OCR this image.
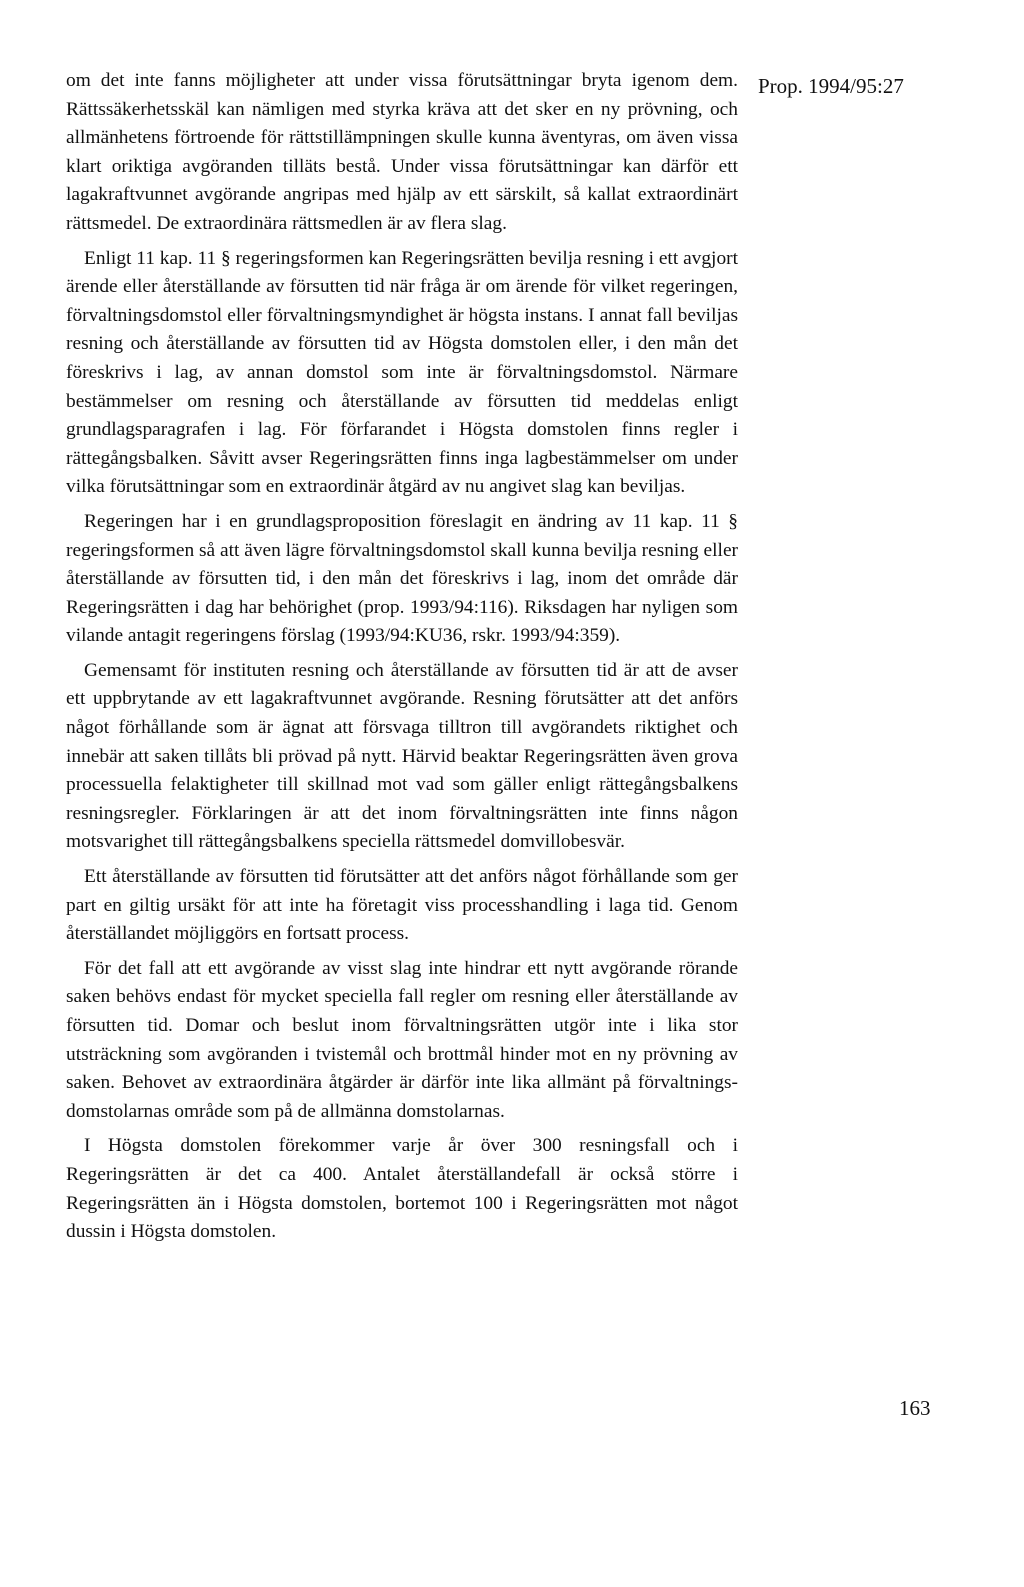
Prop. 1994/95:27

om det inte fanns möjligheter att under vissa förutsättningar bryta igenom dem. Rättssäkerhetsskäl kan nämligen med styrka kräva att det sker en ny prövning, och allmänhetens förtroende för rättstillämpningen skulle kunna äventyras, om även vissa klart oriktiga avgöranden tilläts bestå. Under vissa förutsättningar kan därför ett lagakraftvunnet avgörande angripas med hjälp av ett särskilt, så kallat extraordinärt rättsmedel. De extraordinära rättsmedlen är av flera slag.

Enligt 11 kap. 11 § regeringsformen kan Regeringsrätten bevilja resning i ett avgjort ärende eller återställande av försutten tid när fråga är om ärende för vilket regeringen, förvaltningsdomstol eller förvaltningsmyndighet är högsta instans. I annat fall beviljas resning och återställande av försutten tid av Högsta domstolen eller, i den mån det föreskrivs i lag, av annan domstol som inte är förvaltningsdomstol. Närmare bestämmelser om resning och återställande av försutten tid meddelas enligt grundlagsparagrafen i lag. För förfarandet i Högsta domstolen finns regler i rättegångsbalken. Såvitt avser Regeringsrätten finns inga lagbestämmelser om under vilka förutsättningar som en extraordinär åtgärd av nu angivet slag kan beviljas.

Regeringen har i en grundlagsproposition föreslagit en ändring av 11 kap. 11 § regeringsformen så att även lägre förvaltningsdomstol skall kunna bevilja resning eller återställande av försutten tid, i den mån det föreskrivs i lag, inom det område där Regeringsrätten i dag har behörighet (prop. 1993/94:116). Riksdagen har nyligen som vilande antagit regeringens förslag (1993/94:KU36, rskr. 1993/94:359).

Gemensamt för instituten resning och återställande av försutten tid är att de avser ett uppbrytande av ett lagakraftvunnet avgörande. Resning förutsätter att det anförs något förhållande som är ägnat att försvaga tilltron till avgörandets riktighet och innebär att saken tillåts bli prövad på nytt. Härvid beaktar Regeringsrätten även grova processuella felaktigheter till skillnad mot vad som gäller enligt rättegångsbalkens resningsregler. Förklaringen är att det inom förvaltningsrätten inte finns någon motsvarighet till rättegångsbalkens speciella rättsmedel domvillobesvär.

Ett återställande av försutten tid förutsätter att det anförs något förhållande som ger part en giltig ursäkt för att inte ha företagit viss processhandling i laga tid. Genom återställandet möjliggörs en fortsatt process.

För det fall att ett avgörande av visst slag inte hindrar ett nytt avgörande rörande saken behövs endast för mycket speciella fall regler om resning eller återställande av försutten tid. Domar och beslut inom förvaltningsrätten utgör inte i lika stor utsträckning som avgöranden i tvistemål och brottmål hinder mot en ny prövning av saken. Behovet av extraordinära åtgärder är därför inte lika allmänt på förvaltningsdomstolarnas område som på de allmänna domstolarnas.

I Högsta domstolen förekommer varje år över 300 resningsfall och i Regeringsrätten är det ca 400. Antalet återställandefall är också större i Regeringsrätten än i Högsta domstolen, bortemot 100 i Regeringsrätten mot något dussin i Högsta domstolen.

163
